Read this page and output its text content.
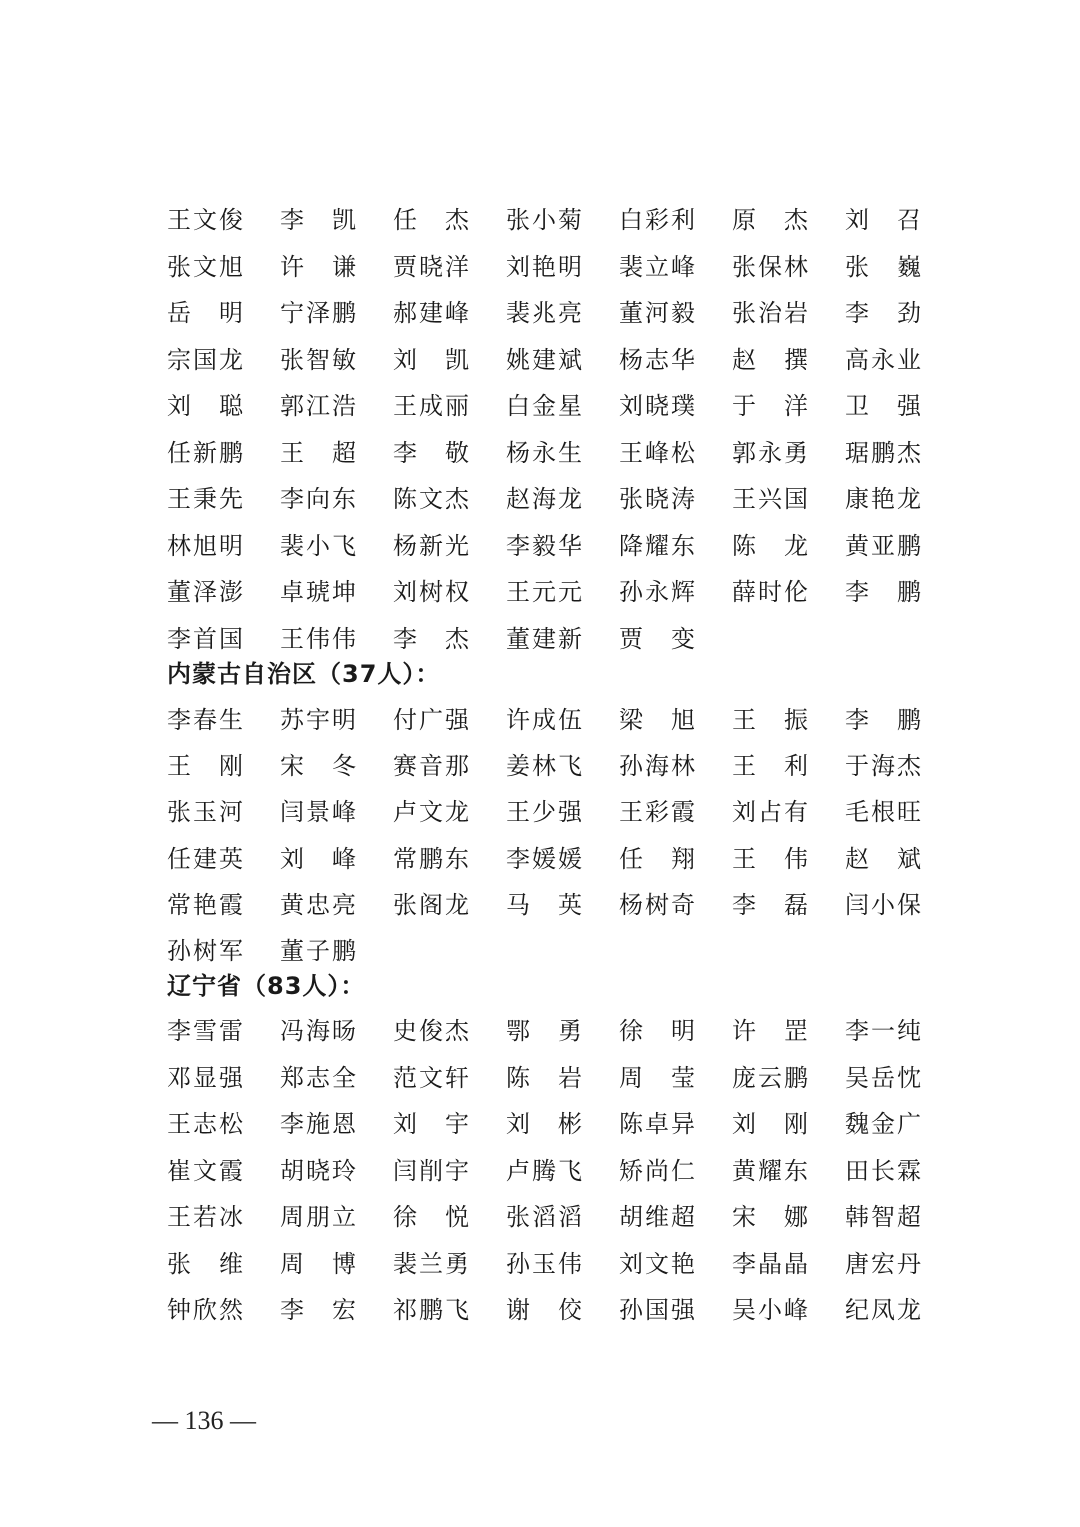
王 文 俊 李 凯 任 杰 张 小 菊 白 彩 利 原 杰 刘 召
张 文 旭 许 谦 贾 晓 洋 刘 艳 明 裴 立 峰 张 保 林 张 巍
岳 明 宁 泽 鹏 郝 建 峰 裴 兆 亮 董 河 毅 张 治 岩 李 劲
宗 国 龙 张 智 敏 刘 凯 姚 建 斌 杨 志 华 赵 撰 高 永 业
刘 聪 郭 江 浩 王 成 丽 白 金 星 刘 晓 璞 于 洋 卫 强
任 新 鹏 王 超 李 敬 杨 永 生 王 峰 松 郭 永 勇 琚 鹏 杰
王 秉 先 李 向 东 陈 文 杰 赵 海 龙 张 晓 涛 王 兴 国 康 艳 龙
林 旭 明 裴 小 飞 杨 新 光 李 毅 华 降 耀 东 陈 龙 黄 亚 鹏
董 泽 澎 卓 琥 坤 刘 树 权 王 元 元 孙 永 辉 薛 时 伦 李 鹏
李 首 国 王 伟 伟 李 杰 董 建 新 贾 变
内蒙古自治区（37人）：
李 春 生 苏 宇 明 付 广 强 许 成 伍 梁 旭 王 振 李 鹏
王 刚 宋 冬 赛 音 那 姜 林 飞 孙 海 林 王 利 于 海 杰
张 玉 河 闫 景 峰 卢 文 龙 王 少 强 王 彩 霞 刘 占 有 毛 根 旺
任 建 英 刘 峰 常 鹏 东 李 媛 媛 任 翔 王 伟 赵 斌
常 艳 霞 黄 忠 亮 张 阁 龙 马 英 杨 树 奇 李 磊 闫 小 保
孙 树 军 董 子 鹏
辽宁省（83人）：
李 雪 雷 冯 海 旸 史 俊 杰 鄂 勇 徐 明 许 罡 李 一 纯
邓 显 强 郑 志 全 范 文 轩 陈 岩 周 莹 庞 云 鹏 吴 岳 忱
王 志 松 李 施 恩 刘 宇 刘 彬 陈 卓 异 刘 刚 魏 金 广
崔 文 霞 胡 晓 玲 闫 削 宇 卢 腾 飞 矫 尚 仁 黄 耀 东 田 长 霖
王 若 冰 周 朋 立 徐 悦 张 滔 滔 胡 维 超 宋 娜 韩 智 超
张 维 周 博 裴 兰 勇 孙 玉 伟 刘 文 艳 李 晶 晶 唐 宏 丹
钟 欣 然 李 宏 祁 鹏 飞 谢 佼 孙 国 强 吴 小 峰 纪 凤 龙
— 136 —
